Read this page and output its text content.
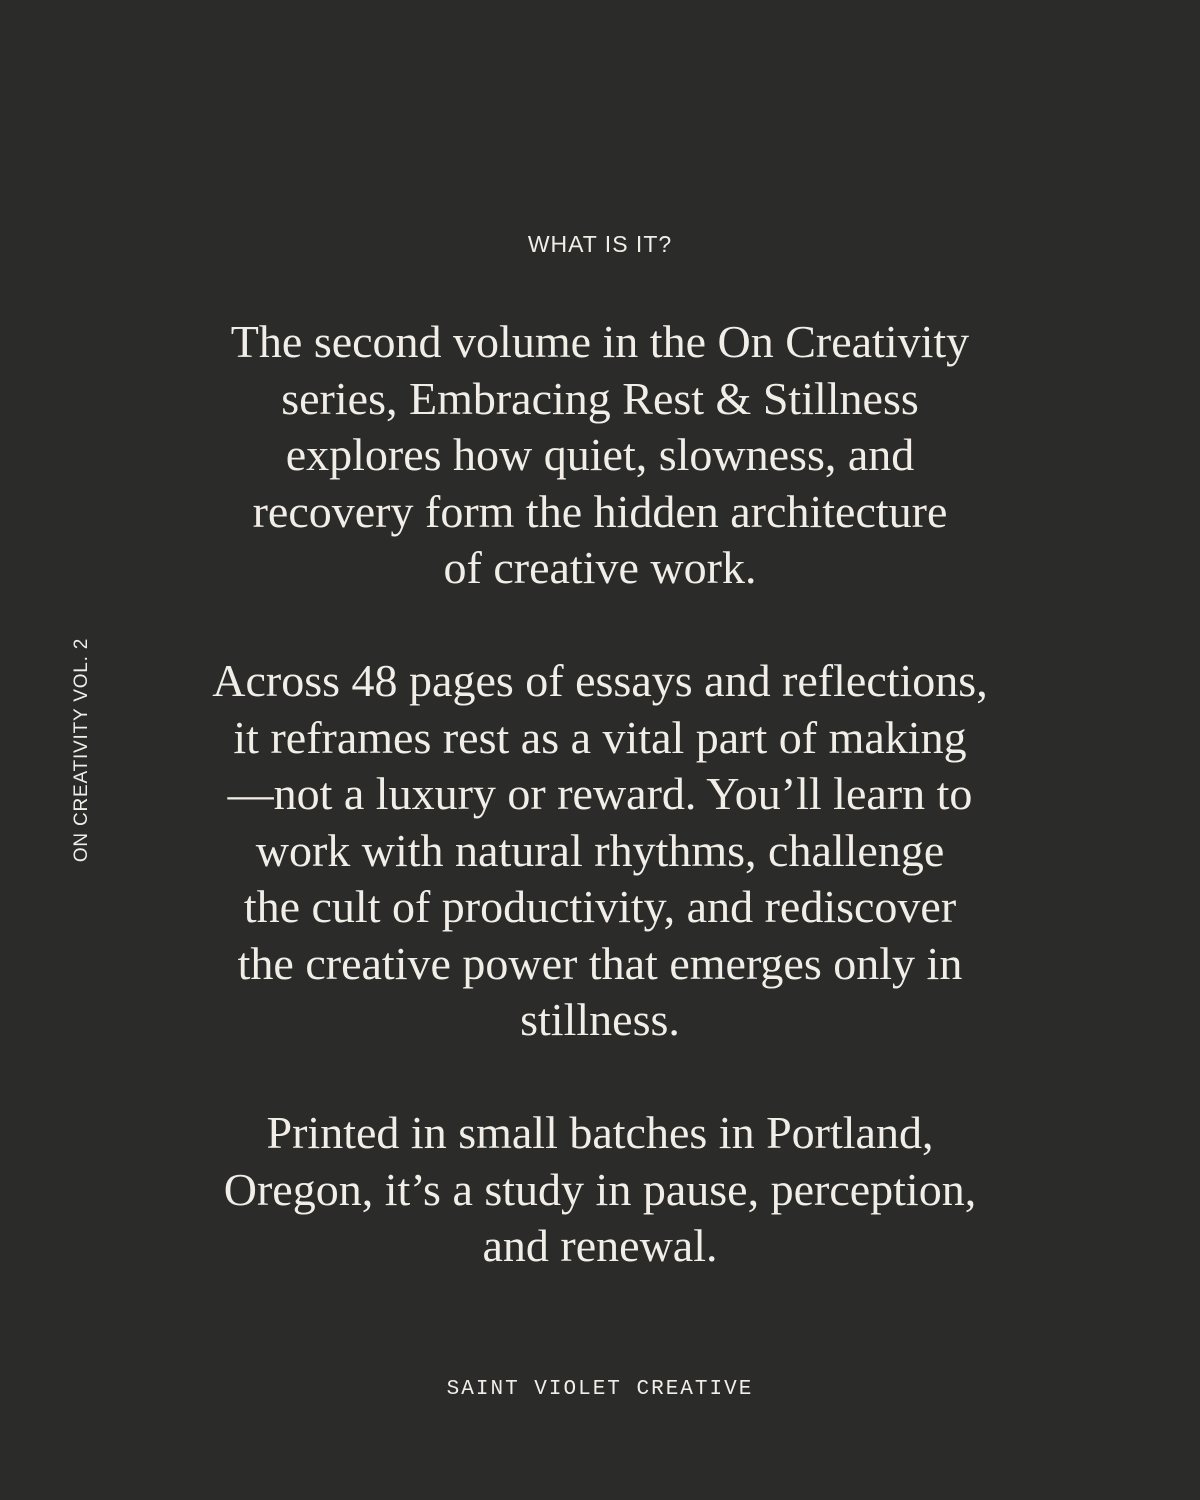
WHAT IS IT?
ON CREATIVITY VOL. 2
The second volume in the On Creativity
series, Embracing Rest & Stillness
explores how quiet, slowness, and
recovery form the hidden architecture
of creative work.
Across 48 pages of essays and reflections,
it reframes rest as a vital part of making
—not a luxury or reward. You’ll learn to
work with natural rhythms, challenge
the cult of productivity, and rediscover
the creative power that emerges only in
stillness.
Printed in small batches in Portland,
Oregon, it’s a study in pause, perception,
and renewal.
SAINT VIOLET CREATIVE
